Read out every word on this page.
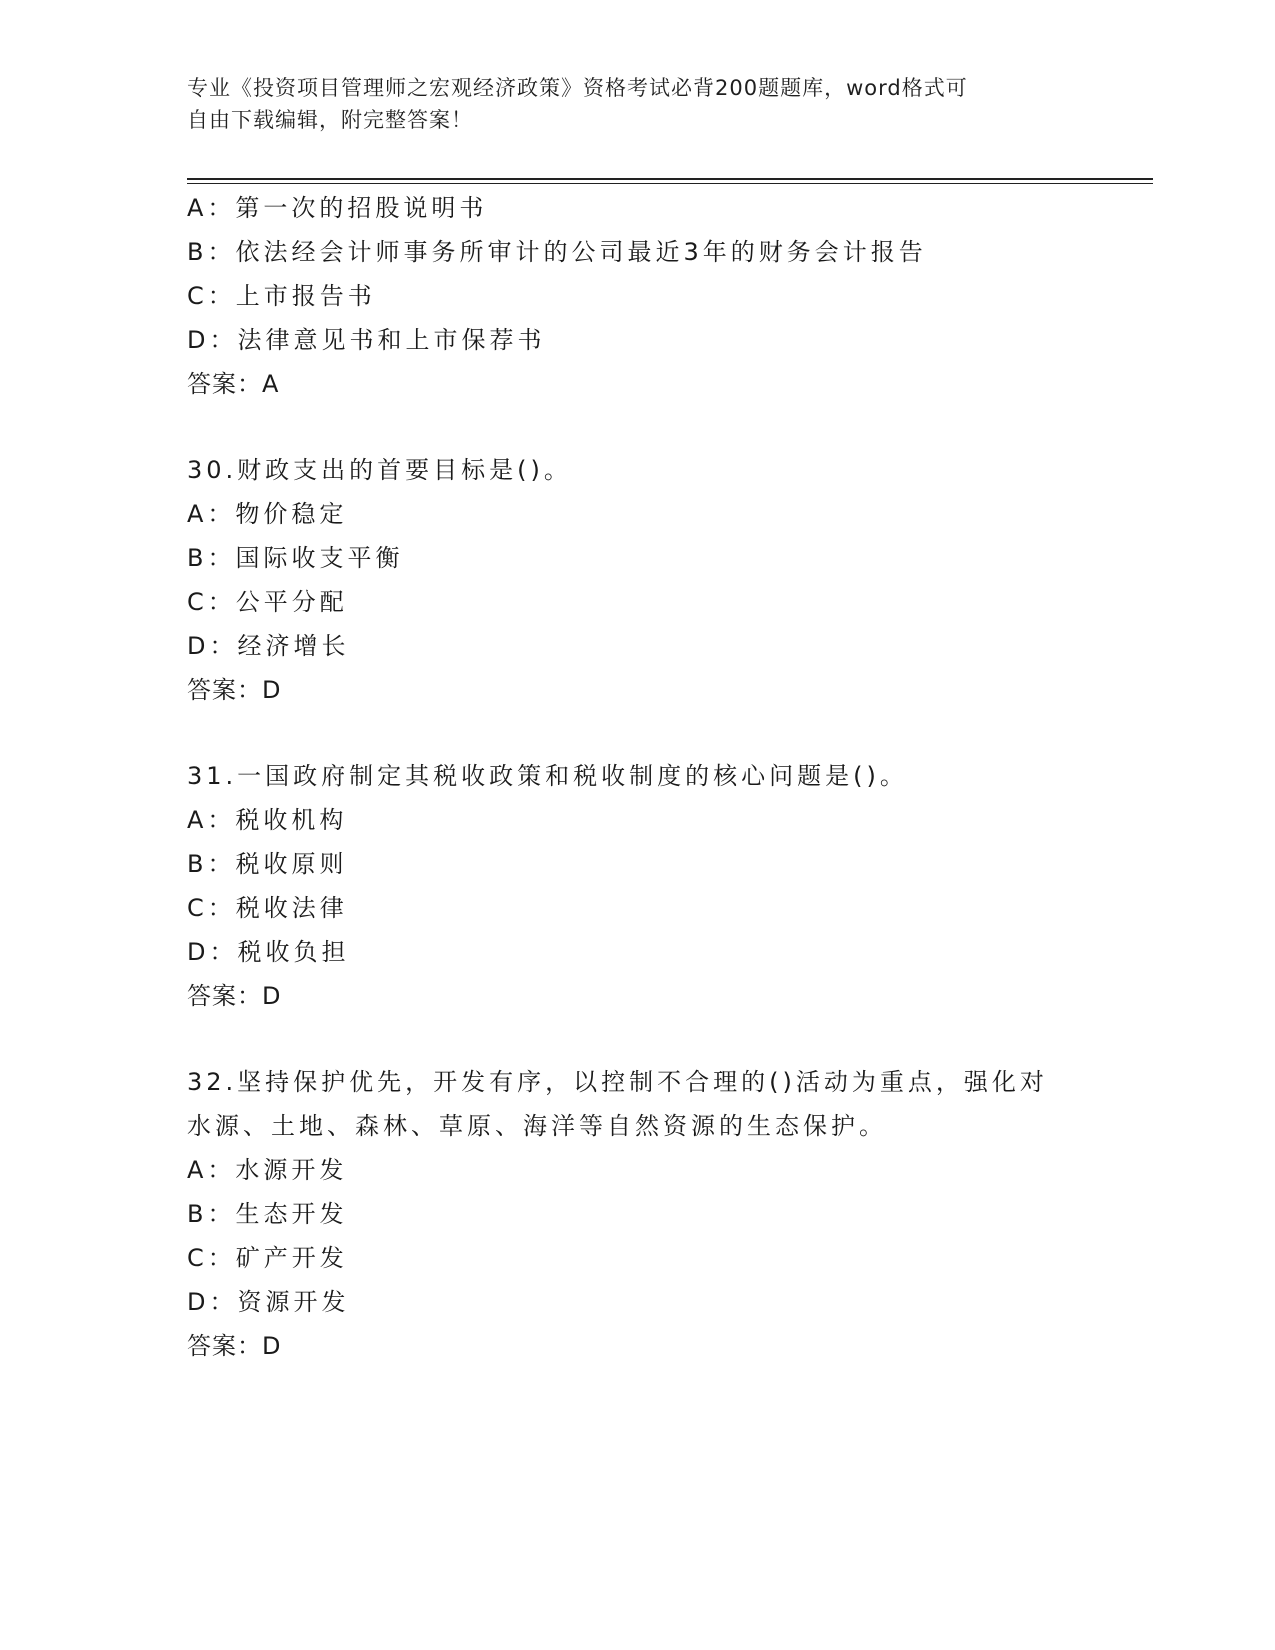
专业《投资项目管理师之宏观经济政策》资格考试必背200题题库，word格式可
自由下载编辑，附完整答案！
A：第一次的招股说明书
B：依法经会计师事务所审计的公司最近3年的财务会计报告
C：上市报告书
D：法律意见书和上市保荐书
答案：A
30.财政支出的首要目标是()。
A：物价稳定
B：国际收支平衡
C：公平分配
D：经济增长
答案：D
31.一国政府制定其税收政策和税收制度的核心问题是()。
A：税收机构
B：税收原则
C：税收法律
D：税收负担
答案：D
32.坚持保护优先，开发有序，以控制不合理的()活动为重点，强化对
水源、土地、森林、草原、海洋等自然资源的生态保护。
A：水源开发
B：生态开发
C：矿产开发
D：资源开发
答案：D
